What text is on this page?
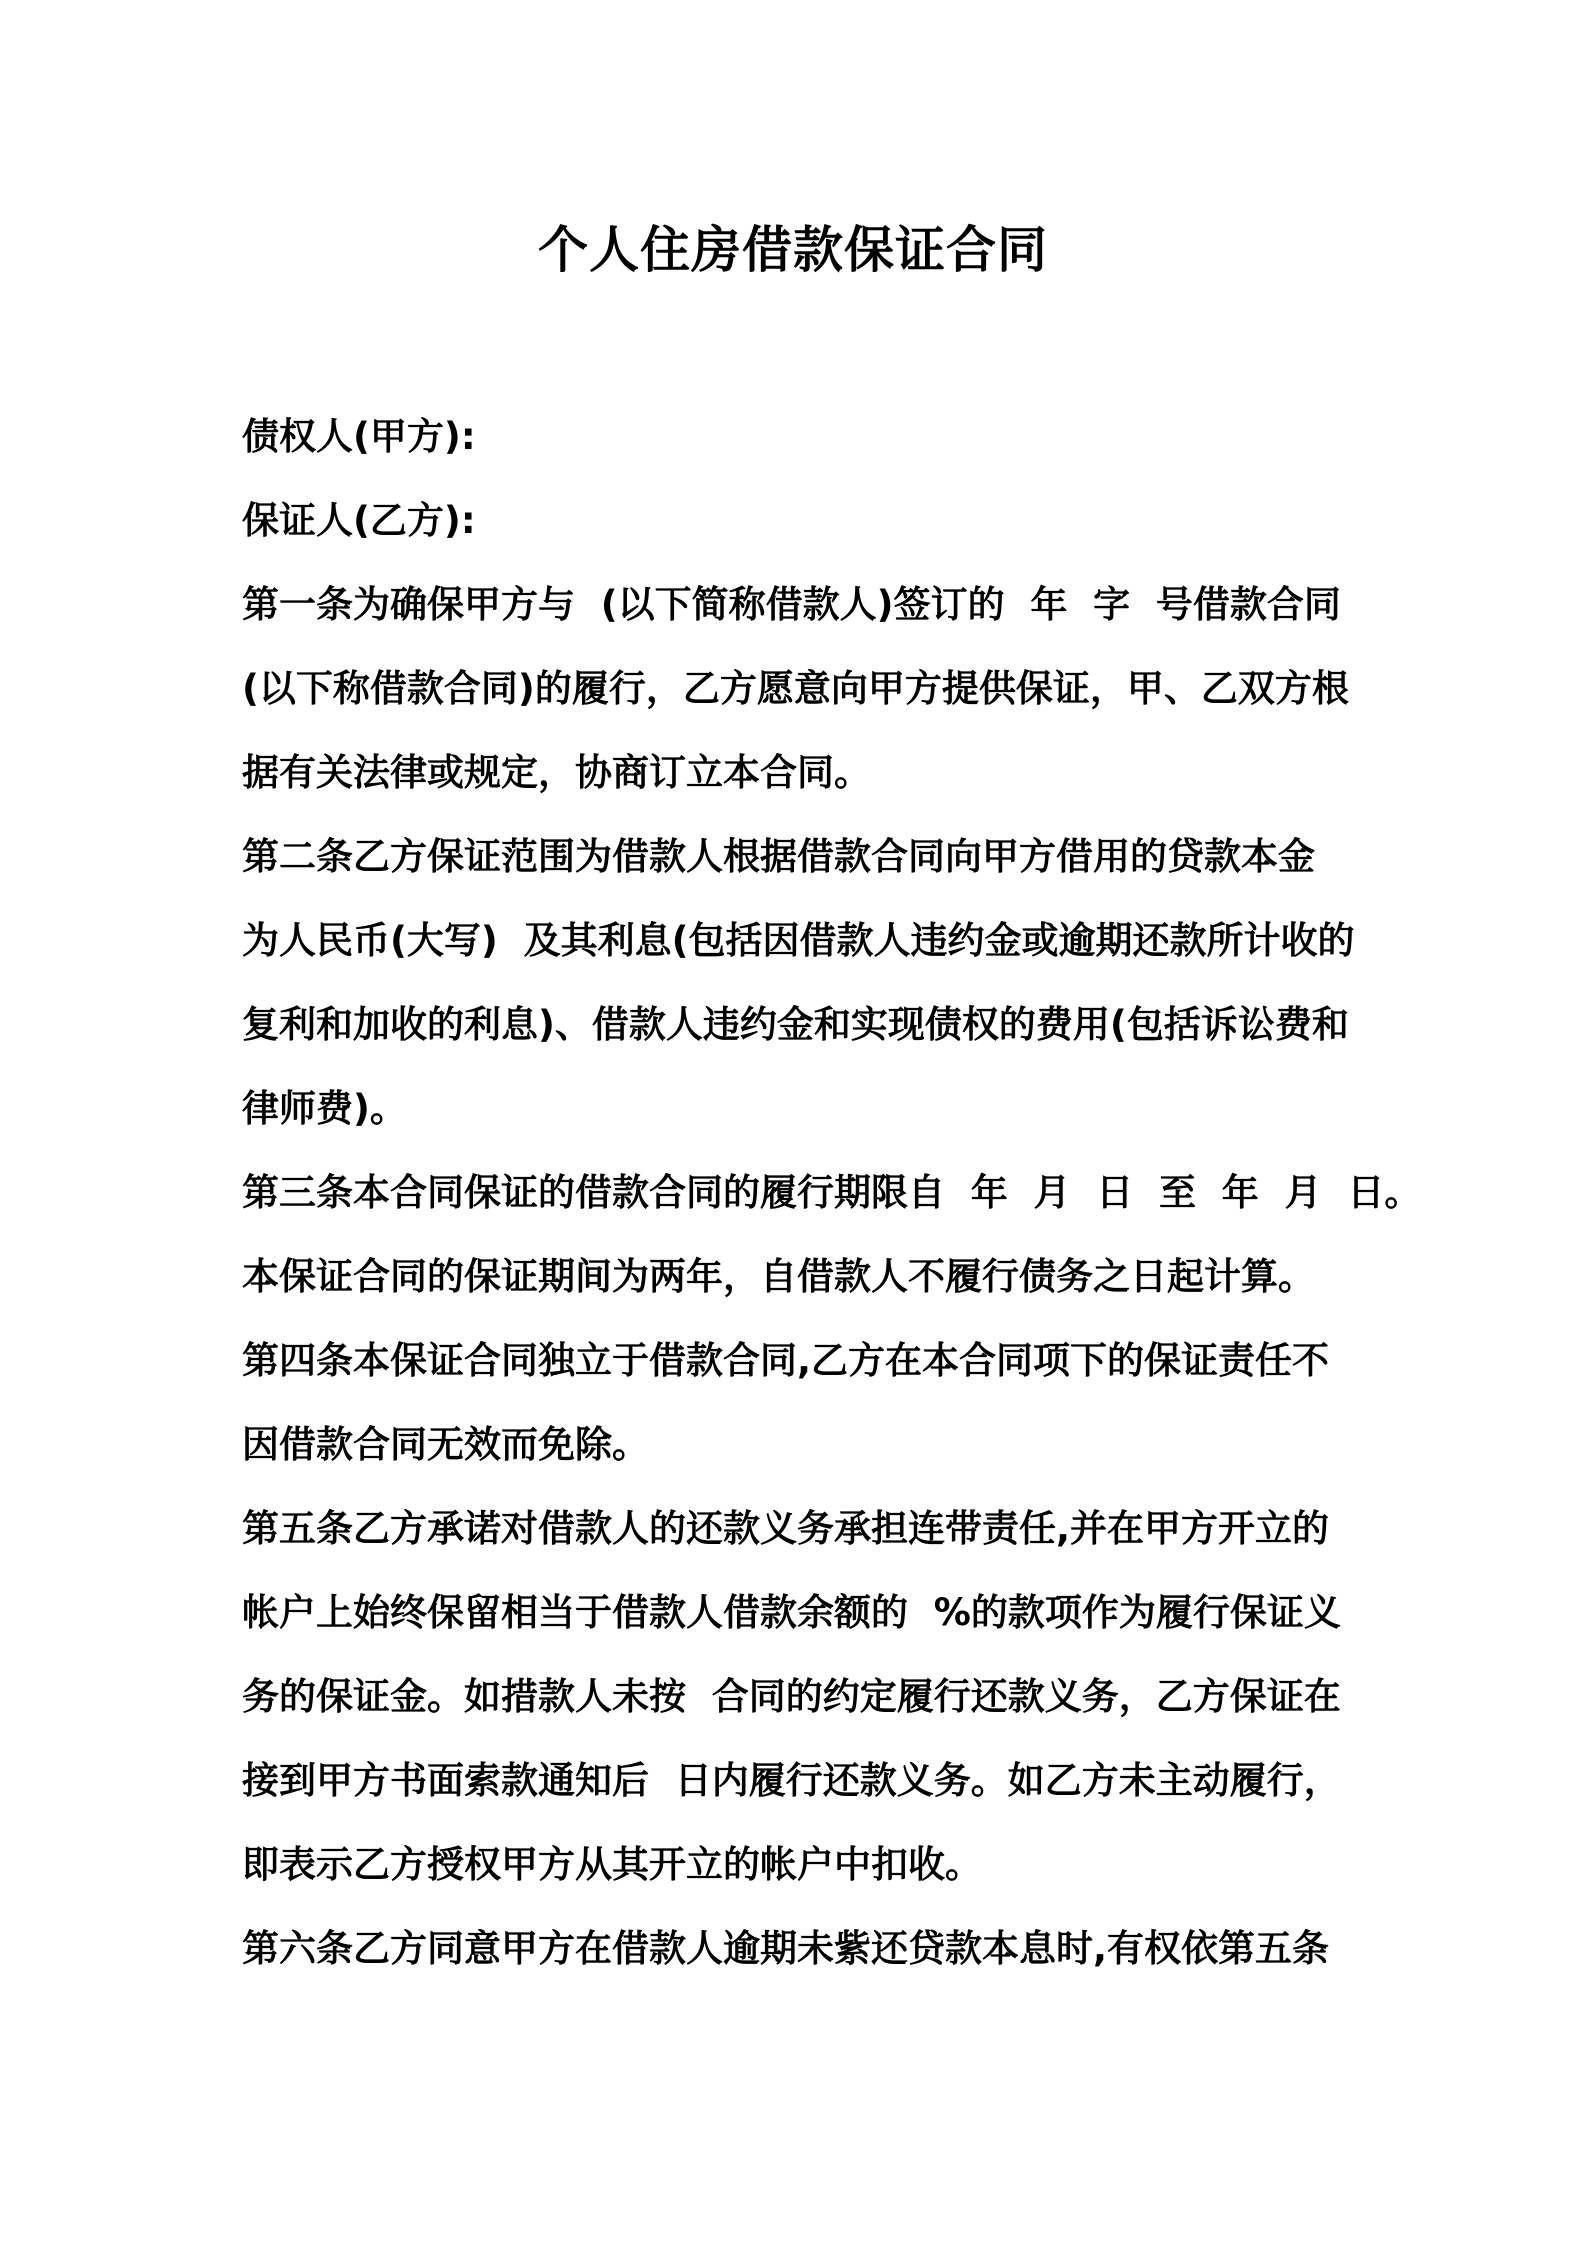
个人住房借款保证合同
债权人(甲方):
保证人(乙方):
第一条为确保甲方与  (以下简称借款人)签订的  年  字  号借款合同
(以下称借款合同)的履行，乙方愿意向甲方提供保证，甲、乙双方根
据有关法律或规定，协商订立本合同。
第二条乙方保证范围为借款人根据借款合同向甲方借用的贷款本金
为人民币(大写)  及其利息(包括因借款人违约金或逾期还款所计收的
复利和加收的利息)、借款人违约金和实现债权的费用(包括诉讼费和
律师费)。
第三条本合同保证的借款合同的履行期限自  年  月  日  至  年  月  日。
本保证合同的保证期间为两年，自借款人不履行债务之日起计算。
第四条本保证合同独立于借款合同,乙方在本合同项下的保证责任不
因借款合同无效而免除。
第五条乙方承诺对借款人的还款义务承担连带责任,并在甲方开立的
帐户上始终保留相当于借款人借款余额的  %的款项作为履行保证义
务的保证金。如措款人未按  合同的约定履行还款义务，乙方保证在
接到甲方书面索款通知后  日内履行还款义务。如乙方未主动履行，
即表示乙方授权甲方从其开立的帐户中扣收。
第六条乙方同意甲方在借款人逾期未紫还贷款本息时,有权依第五条
